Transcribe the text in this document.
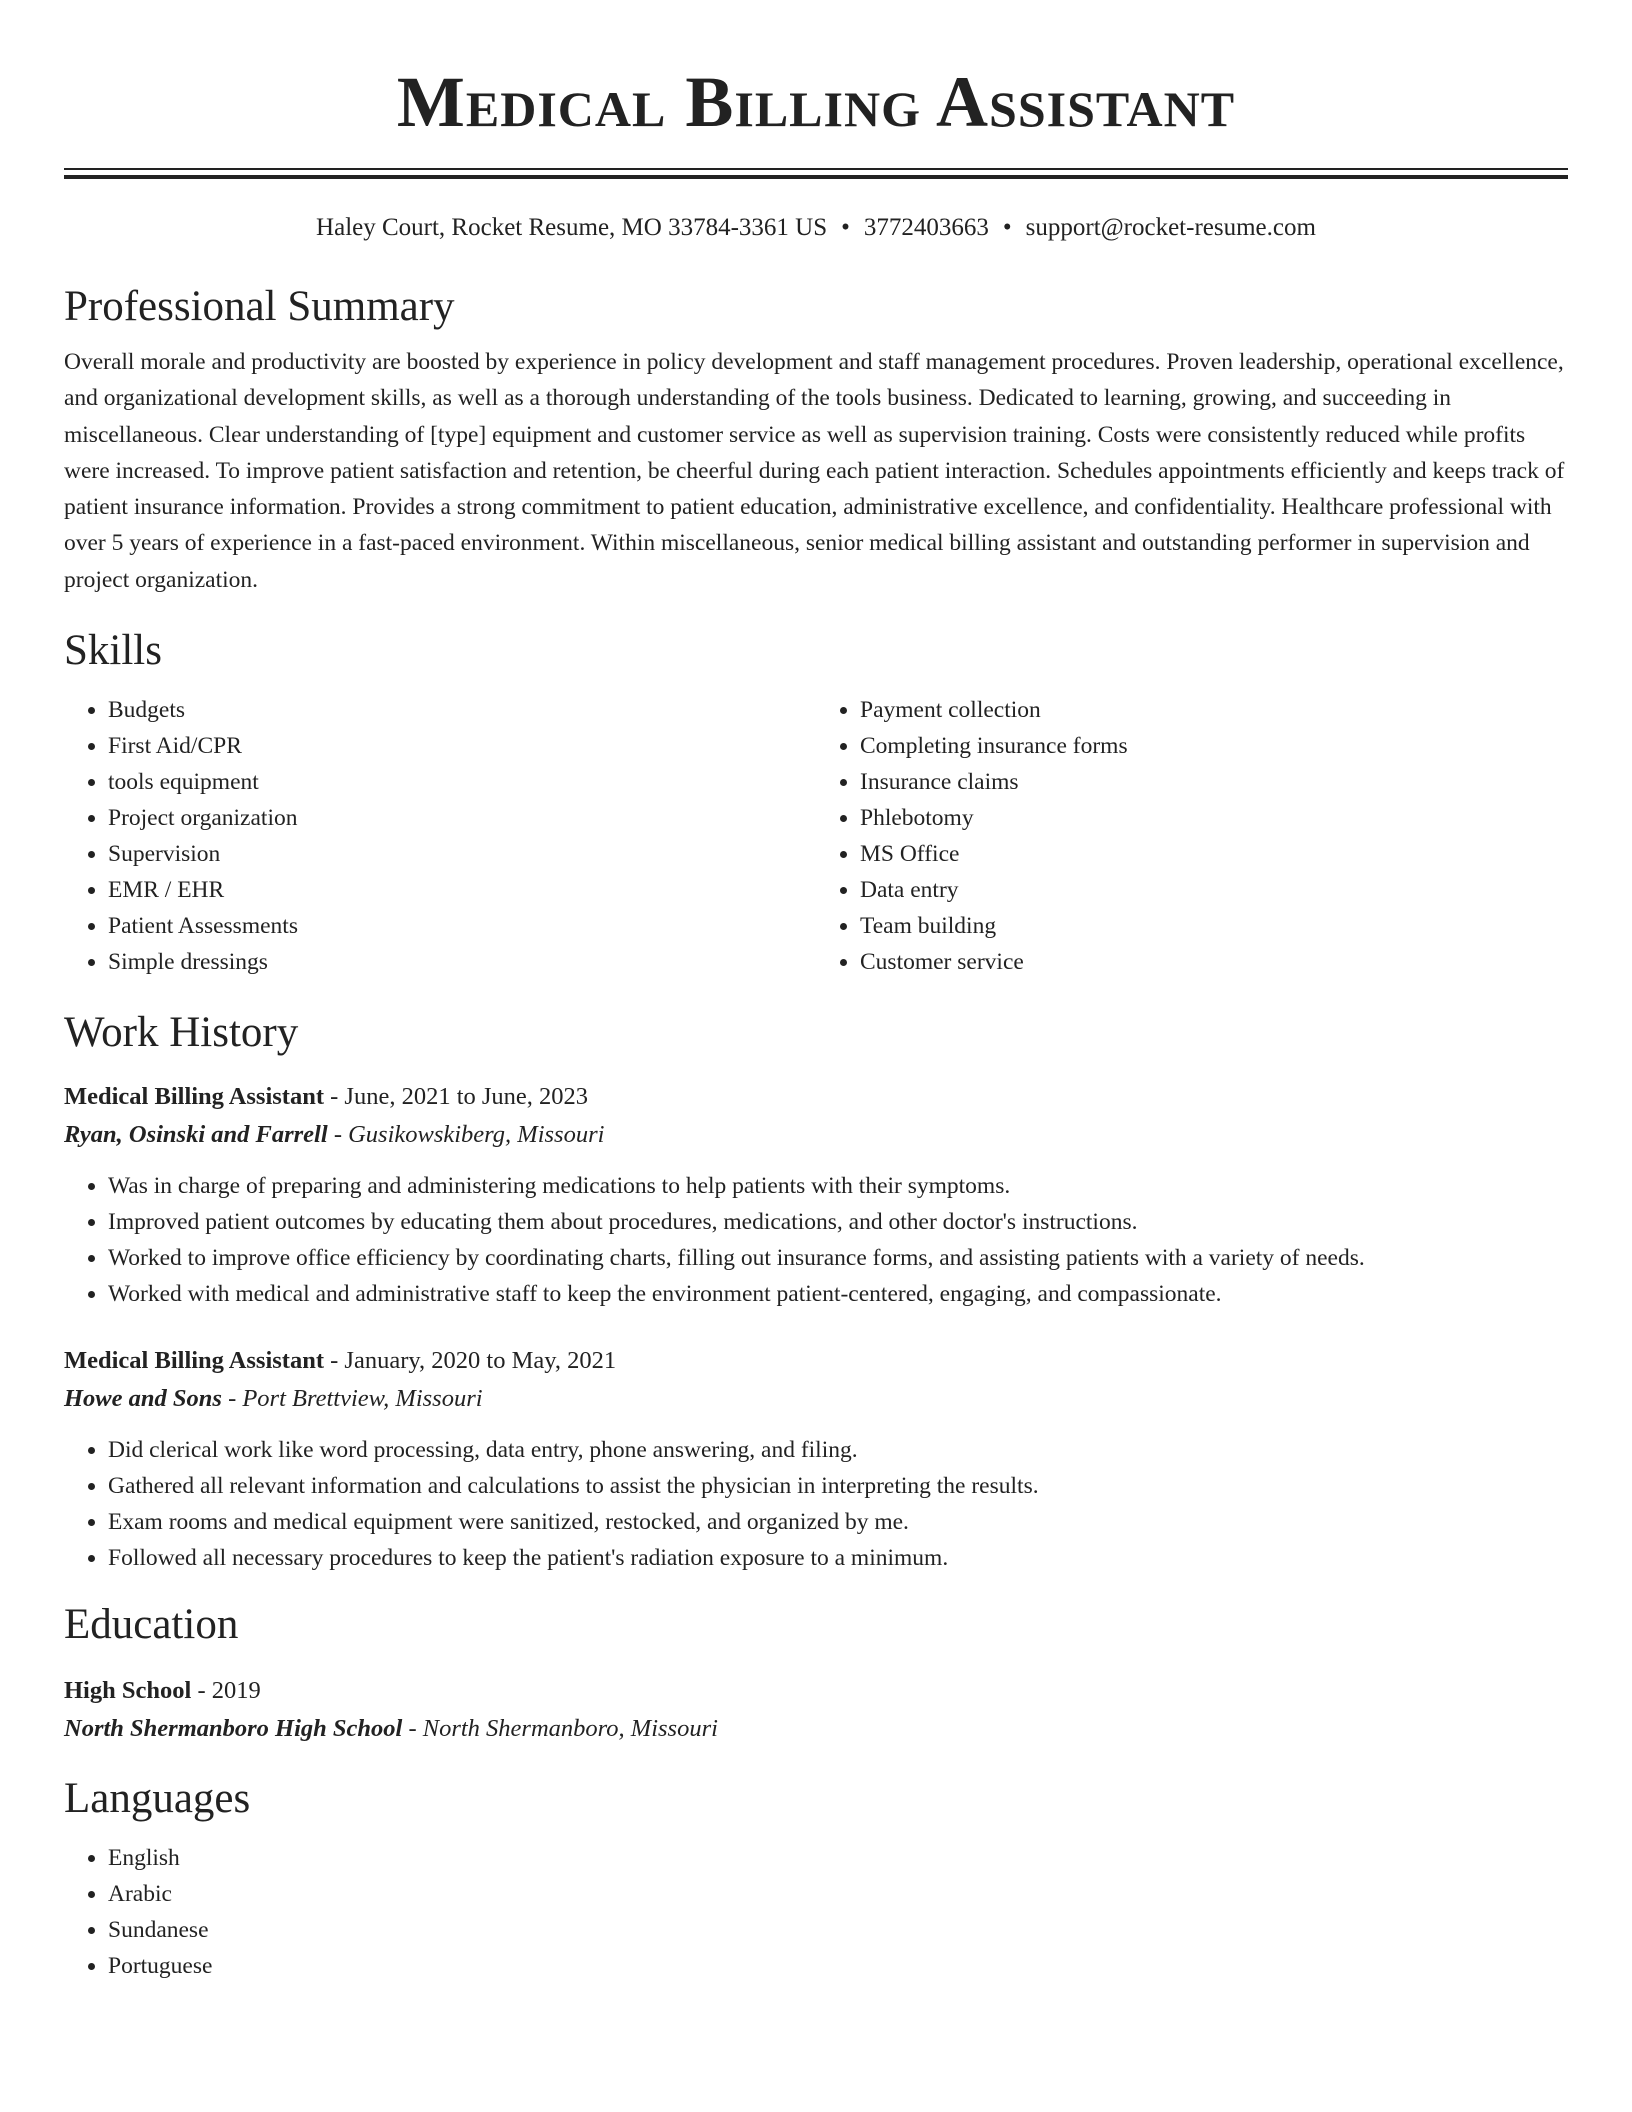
Medical Billing Assistant
Haley Court, Rocket Resume, MO 33784-3361 US • 3772403663 • support@rocket-resume.com
Professional Summary

Overall morale and productivity are boosted by experience in policy development and staff management procedures. Proven leadership, operational excellence, and organizational development skills, as well as a thorough understanding of the tools business. Dedicated to learning, growing, and succeeding in miscellaneous. Clear understanding of [type] equipment and customer service as well as supervision training. Costs were consistently reduced while profits were increased. To improve patient satisfaction and retention, be cheerful during each patient interaction. Schedules appointments efficiently and keeps track of patient insurance information. Provides a strong commitment to patient education, administrative excellence, and confidentiality. Healthcare professional with over 5 years of experience in a fast-paced environment. Within miscellaneous, senior medical billing assistant and outstanding performer in supervision and project organization.

Skills
• Budgets
• First Aid/CPR
• tools equipment
• Project organization
• Supervision
• EMR / EHR
• Patient Assessments
• Simple dressings
• Payment collection
• Completing insurance forms
• Insurance claims
• Phlebotomy
• MS Office
• Data entry
• Team building
• Customer service
Work History
Medical Billing Assistant - June, 2021 to June, 2023
Ryan, Osinski and Farrell - Gusikowskiberg, Missouri
• Was in charge of preparing and administering medications to help patients with their symptoms.
• Improved patient outcomes by educating them about procedures, medications, and other doctor's instructions.
• Worked to improve office efficiency by coordinating charts, filling out insurance forms, and assisting patients with a variety of needs.
• Worked with medical and administrative staff to keep the environment patient-centered, engaging, and compassionate.
Medical Billing Assistant - January, 2020 to May, 2021
Howe and Sons - Port Brettview, Missouri
• Did clerical work like word processing, data entry, phone answering, and filing.
• Gathered all relevant information and calculations to assist the physician in interpreting the results.
• Exam rooms and medical equipment were sanitized, restocked, and organized by me.
• Followed all necessary procedures to keep the patient's radiation exposure to a minimum.
Education
High School - 2019
North Shermanboro High School - North Shermanboro, Missouri
Languages
• English
• Arabic
• Sundanese
• Portuguese
